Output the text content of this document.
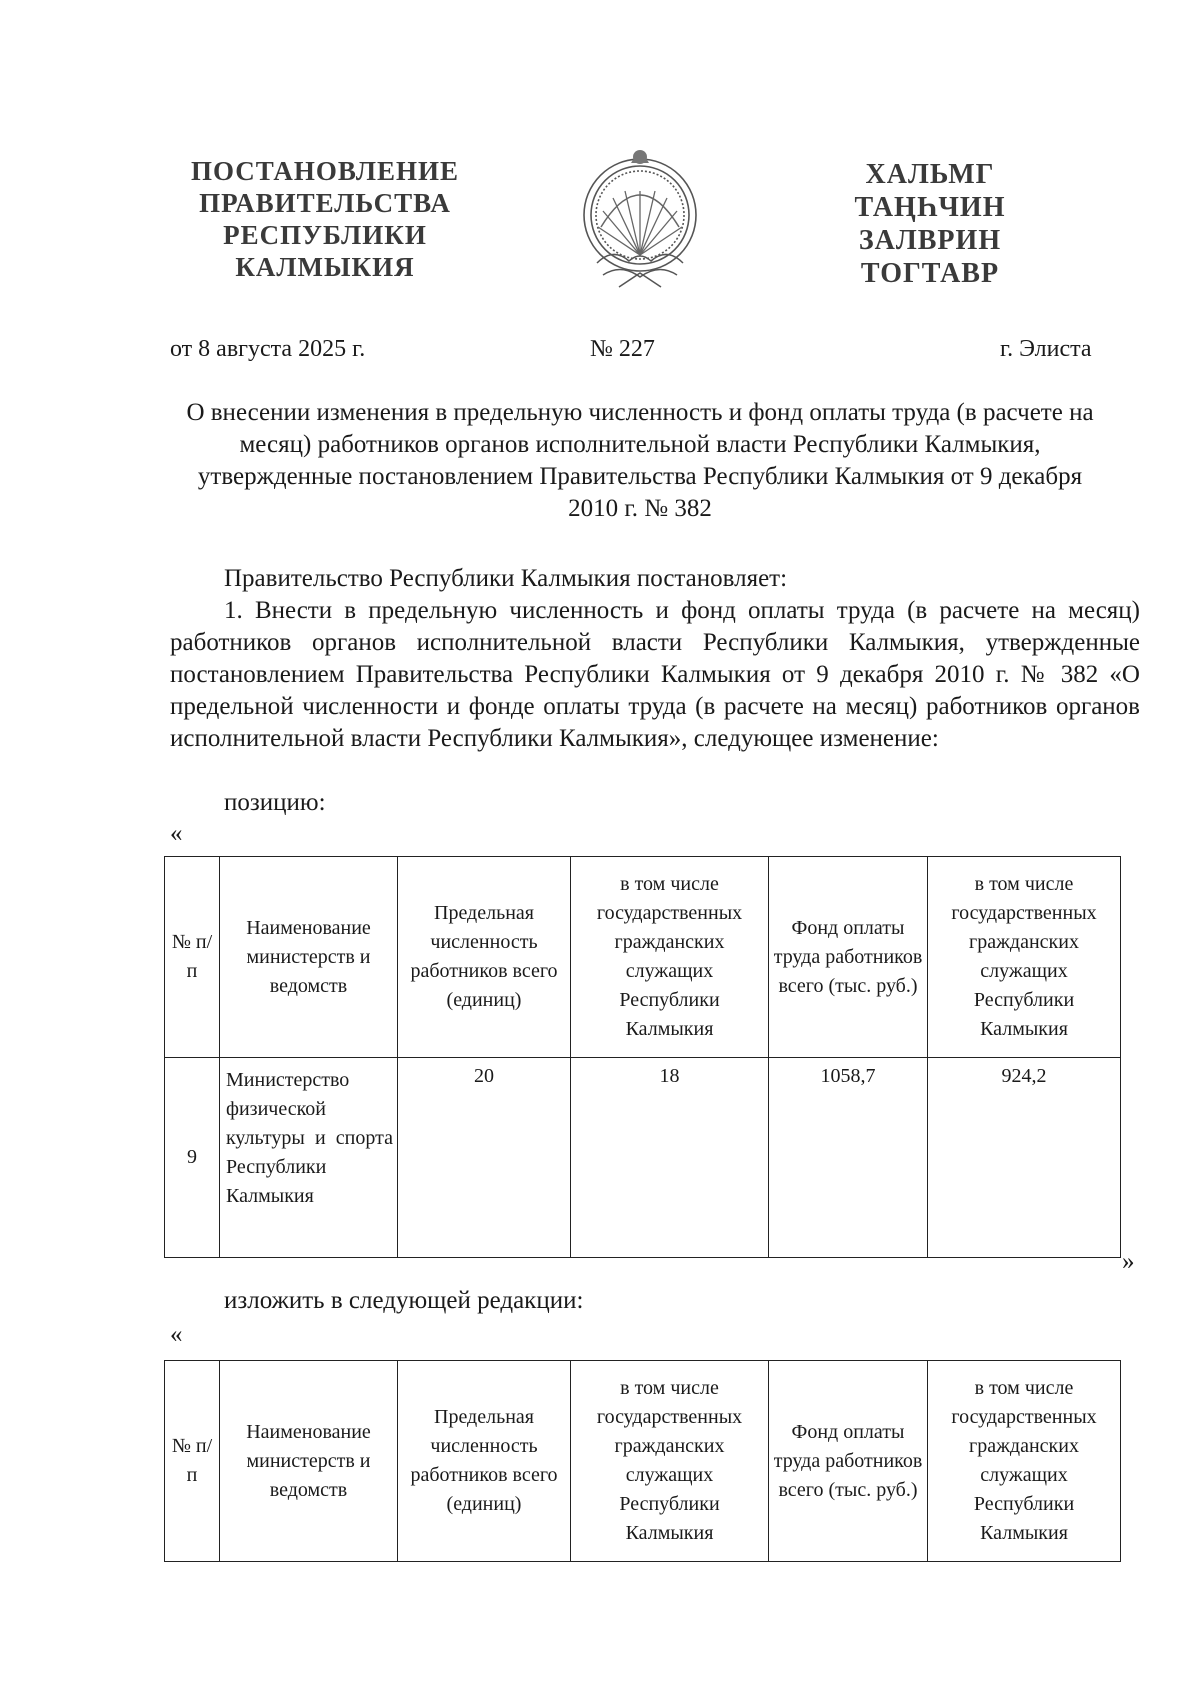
ПОСТАНОВЛЕНИЕ
ПРАВИТЕЛЬСТВА
РЕСПУБЛИКИ
КАЛМЫКИЯ
ХАЛЬМГ
ТАҢҺЧИН
ЗАЛВРИН
ТОГТАВР
от 8 августа 2025 г.	№ 227	г. Элиста
О внесении изменения в предельную численность и фонд оплаты труда (в расчете на месяц) работников органов исполнительной власти Республики Калмыкия, утвержденные постановлением Правительства Республики Калмыкия от 9 декабря 2010 г. № 382
Правительство Республики Калмыкия постановляет:
1. Внести в предельную численность и фонд оплаты труда (в расчете на месяц) работников органов исполнительной власти Республики Калмыкия, утвержденные постановлением Правительства Республики Калмыкия от 9 декабря 2010 г. № 382 «О предельной численности и фонде оплаты труда (в расчете на месяц) работников органов исполнительной власти Республики Калмыкия», следующее изменение:
позицию:
«
№ п/п	Наименование министерств и ведомств	Предельная численность работников всего (единиц)	в том числе государственных гражданских служащих Республики Калмыкия	Фонд оплаты труда работников всего (тыс. руб.)	в том числе государственных гражданских служащих Республики Калмыкия
9	Министерство физической культуры и спорта Республики Калмыкия	20	18	1058,7	924,2
»
изложить в следующей редакции:
«
№ п/п	Наименование министерств и ведомств	Предельная численность работников всего (единиц)	в том числе государственных гражданских служащих Республики Калмыкия	Фонд оплаты труда работников всего (тыс. руб.)	в том числе государственных гражданских служащих Республики Калмыкия
